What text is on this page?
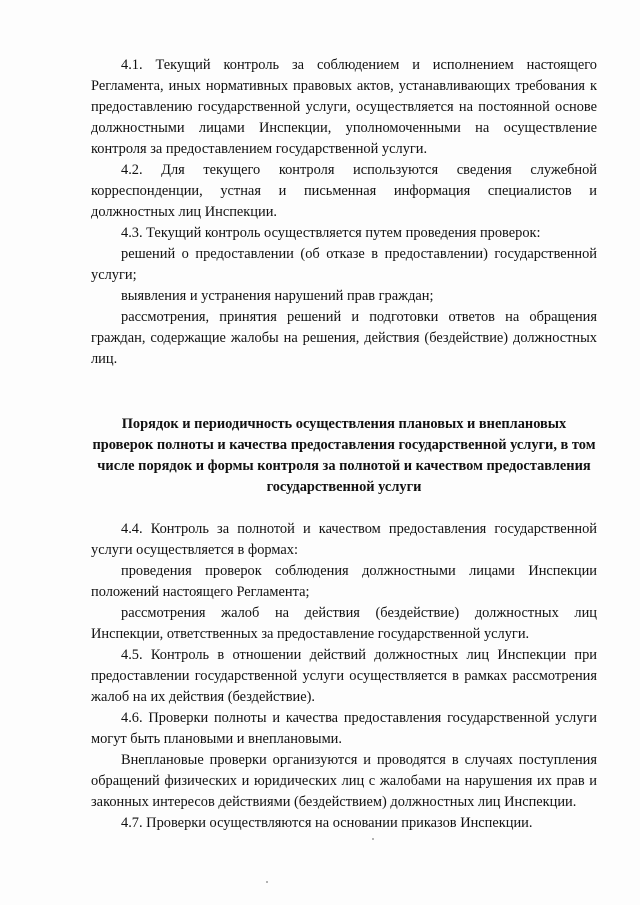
4.1. Текущий контроль за соблюдением и исполнением настоящего Регламента, иных нормативных правовых актов, устанавливающих требования к предоставлению государственной услуги, осуществляется на постоянной основе должностными лицами Инспекции, уполномоченными на осуществление контроля за предоставлением государственной услуги.

4.2. Для текущего контроля используются сведения служебной корреспонденции, устная и письменная информация специалистов и должностных лиц Инспекции.

4.3. Текущий контроль осуществляется путем проведения проверок:

решений о предоставлении (об отказе в предоставлении) государственной услуги;

выявления и устранения нарушений прав граждан;

рассмотрения, принятия решений и подготовки ответов на обращения граждан, содержащие жалобы на решения, действия (бездействие) должностных лиц.

Порядок и периодичность осуществления плановых и внеплановых проверок полноты и качества предоставления государственной услуги, в том числе порядок и формы контроля за полнотой и качеством предоставления государственной услуги

4.4. Контроль за полнотой и качеством предоставления государственной услуги осуществляется в формах:

проведения проверок соблюдения должностными лицами Инспекции положений настоящего Регламента;

рассмотрения жалоб на действия (бездействие) должностных лиц Инспекции, ответственных за предоставление государственной услуги.

4.5. Контроль в отношении действий должностных лиц Инспекции при предоставлении государственной услуги осуществляется в рамках рассмотрения жалоб на их действия (бездействие).

4.6. Проверки полноты и качества предоставления государственной услуги могут быть плановыми и внеплановыми.

Внеплановые проверки организуются и проводятся в случаях поступления обращений физических и юридических лиц с жалобами на нарушения их прав и законных интересов действиями (бездействием) должностных лиц Инспекции.

4.7. Проверки осуществляются на основании приказов Инспекции.
